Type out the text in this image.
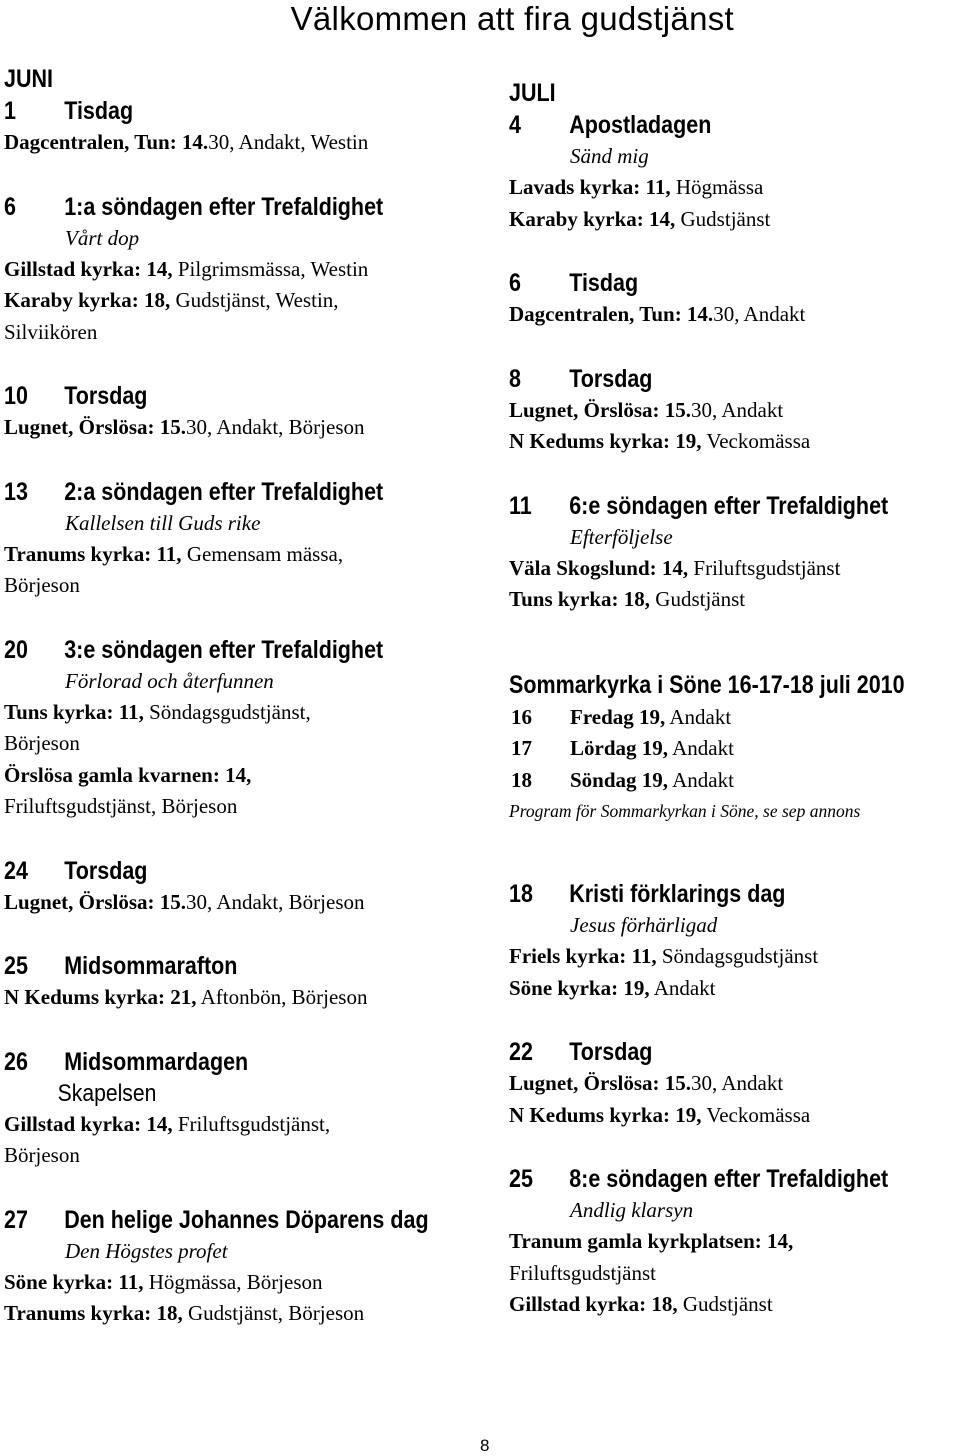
Välkommen att fira gudstjänst
JUNI
1 Tisdag
Dagcentralen, Tun: 14.30, Andakt, Westin
6 1:a söndagen efter Trefaldighet
Vårt dop
Gillstad kyrka: 14, Pilgrimsmässa, Westin
Karaby kyrka: 18, Gudstjänst, Westin,
Silviikören
10 Torsdag
Lugnet, Örslösa: 15.30, Andakt, Börjeson
13 2:a söndagen efter Trefaldighet
Kallelsen till Guds rike
Tranums kyrka: 11, Gemensam mässa,
Börjeson
20 3:e söndagen efter Trefaldighet
Förlorad och återfunnen
Tuns kyrka: 11, Söndagsgudstjänst,
Börjeson
Örslösa gamla kvarnen: 14,
Friluftsgudstjänst, Börjeson
24 Torsdag
Lugnet, Örslösa: 15.30, Andakt, Börjeson
25 Midsommarafton
N Kedums kyrka: 21, Aftonbön, Börjeson
26 Midsommardagen
Skapelsen
Gillstad kyrka: 14, Friluftsgudstjänst,
Börjeson
27 Den helige Johannes Döparens dag
Den Högstes profet
Söne kyrka: 11, Högmässa, Börjeson
Tranums kyrka: 18, Gudstjänst, Börjeson
JULI
4 Apostladagen
Sänd mig
Lavads kyrka: 11, Högmässa
Karaby kyrka: 14, Gudstjänst
6 Tisdag
Dagcentralen, Tun: 14.30, Andakt
8 Torsdag
Lugnet, Örslösa: 15.30, Andakt
N Kedums kyrka: 19, Veckomässa
11 6:e söndagen efter Trefaldighet
Efterföljelse
Väla Skogslund: 14, Friluftsgudstjänst
Tuns kyrka: 18, Gudstjänst
Sommarkyrka i Söne 16-17-18 juli 2010
16 Fredag 19, Andakt
17 Lördag 19, Andakt
18 Söndag 19, Andakt
Program för Sommarkyrkan i Söne, se sep annons
18 Kristi förklarings dag
Jesus förhärligad
Friels kyrka: 11, Söndagsgudstjänst
Söne kyrka: 19, Andakt
22 Torsdag
Lugnet, Örslösa: 15.30, Andakt
N Kedums kyrka: 19, Veckomässa
25 8:e söndagen efter Trefaldighet
Andlig klarsyn
Tranum gamla kyrkplatsen: 14,
Friluftsgudstjänst
Gillstad kyrka: 18, Gudstjänst
8
